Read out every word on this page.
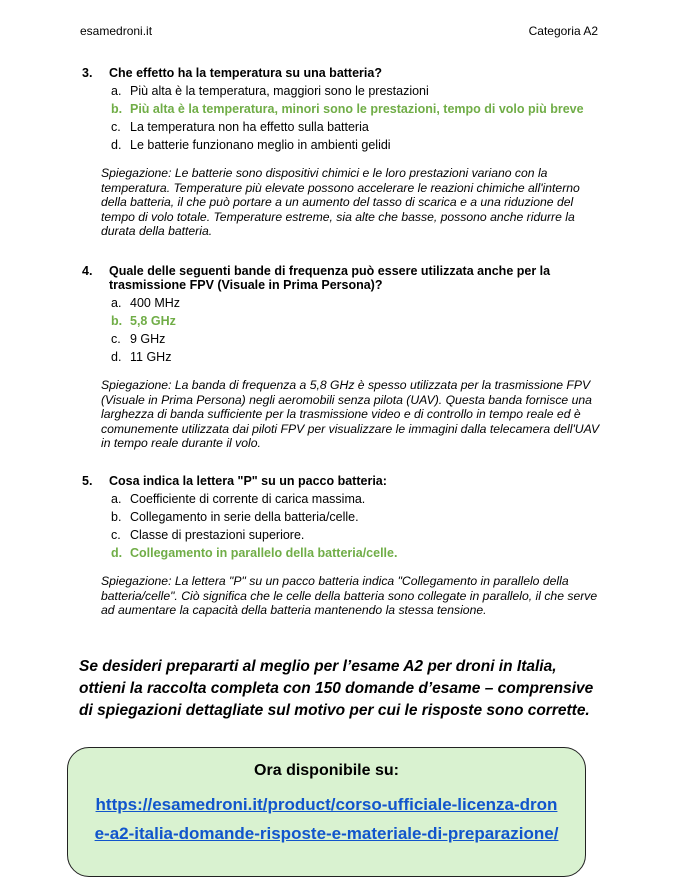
esamedroni.it	Categoria A2
3.	Che effetto ha la temperatura su una batteria?
a. Più alta è la temperatura, maggiori sono le prestazioni
b. Più alta è la temperatura, minori sono le prestazioni, tempo di volo più breve
c. La temperatura non ha effetto sulla batteria
d. Le batterie funzionano meglio in ambienti gelidi
Spiegazione: Le batterie sono dispositivi chimici e le loro prestazioni variano con la temperatura. Temperature più elevate possono accelerare le reazioni chimiche all'interno della batteria, il che può portare a un aumento del tasso di scarica e a una riduzione del tempo di volo totale. Temperature estreme, sia alte che basse, possono anche ridurre la durata della batteria.
4.	Quale delle seguenti bande di frequenza può essere utilizzata anche per la trasmissione FPV (Visuale in Prima Persona)?
a. 400 MHz
b. 5,8 GHz
c. 9 GHz
d. 11 GHz
Spiegazione: La banda di frequenza a 5,8 GHz è spesso utilizzata per la trasmissione FPV (Visuale in Prima Persona) negli aeromobili senza pilota (UAV). Questa banda fornisce una larghezza di banda sufficiente per la trasmissione video e di controllo in tempo reale ed è comunemente utilizzata dai piloti FPV per visualizzare le immagini dalla telecamera dell'UAV in tempo reale durante il volo.
5.	Cosa indica la lettera "P" su un pacco batteria:
a. Coefficiente di corrente di carica massima.
b. Collegamento in serie della batteria/celle.
c. Classe di prestazioni superiore.
d. Collegamento in parallelo della batteria/celle.
Spiegazione: La lettera "P" su un pacco batteria indica "Collegamento in parallelo della batteria/celle". Ciò significa che le celle della batteria sono collegate in parallelo, il che serve ad aumentare la capacità della batteria mantenendo la stessa tensione.
Se desideri prepararti al meglio per l’esame A2 per droni in Italia, ottieni la raccolta completa con 150 domande d’esame – comprensive di spiegazioni dettagliate sul motivo per cui le risposte sono corrette.
Ora disponibile su:
https://esamedroni.it/product/corso-ufficiale-licenza-drone-a2-italia-domande-risposte-e-materiale-di-preparazione/
